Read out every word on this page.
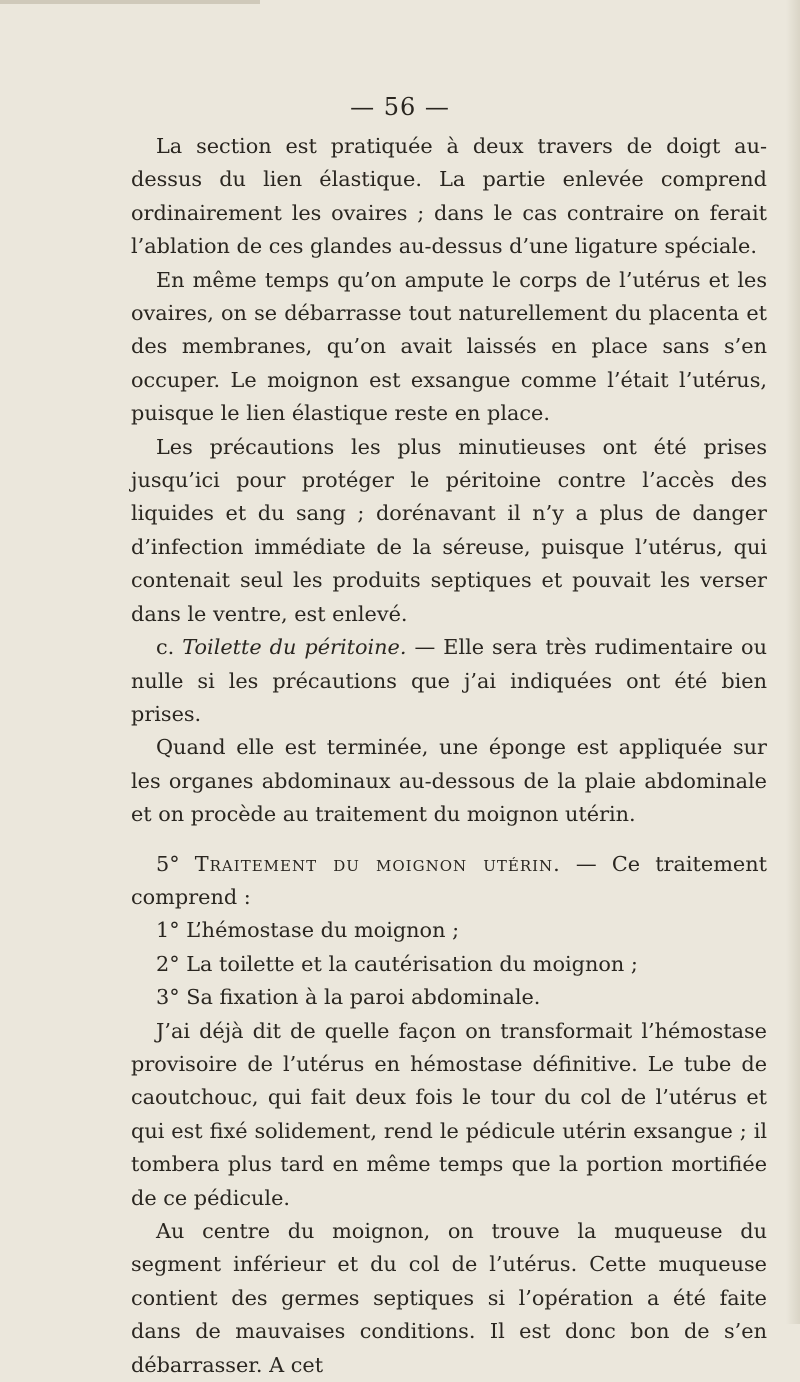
— 56 —

La section est pratiquée à deux travers de doigt au-dessus du lien élastique. La partie enlevée comprend ordinairement les ovaires ; dans le cas contraire on ferait l’ablation de ces glandes au-dessus d’une ligature spéciale.

En même temps qu’on ampute le corps de l’utérus et les ovaires, on se débarrasse tout naturellement du placenta et des membranes, qu’on avait laissés en place sans s’en occuper. Le moignon est exsangue comme l’était l’utérus, puisque le lien élastique reste en place.

Les précautions les plus minutieuses ont été prises jusqu’ici pour protéger le péritoine contre l’accès des liquides et du sang ; dorénavant il n’y a plus de danger d’infection immédiate de la séreuse, puisque l’utérus, qui contenait seul les produits septiques et pouvait les verser dans le ventre, est enlevé.

c. Toilette du péritoine. — Elle sera très rudimentaire ou nulle si les précautions que j’ai indiquées ont été bien prises.

Quand elle est terminée, une éponge est appliquée sur les organes abdominaux au-dessous de la plaie abdominale et on procède au traitement du moignon utérin.

5° Traitement du moignon utérin. — Ce traitement comprend :

1° L’hémostase du moignon ;

2° La toilette et la cautérisation du moignon ;

3° Sa fixation à la paroi abdominale.

J’ai déjà dit de quelle façon on transformait l’hémostase provisoire de l’utérus en hémostase définitive. Le tube de caoutchouc, qui fait deux fois le tour du col de l’utérus et qui est fixé solidement, rend le pédicule utérin exsangue ; il tombera plus tard en même temps que la portion mortifiée de ce pédicule.

Au centre du moignon, on trouve la muqueuse du segment inférieur et du col de l’utérus. Cette muqueuse contient des germes septiques si l’opération a été faite dans de mauvaises conditions. Il est donc bon de s’en débarrasser. A cet
